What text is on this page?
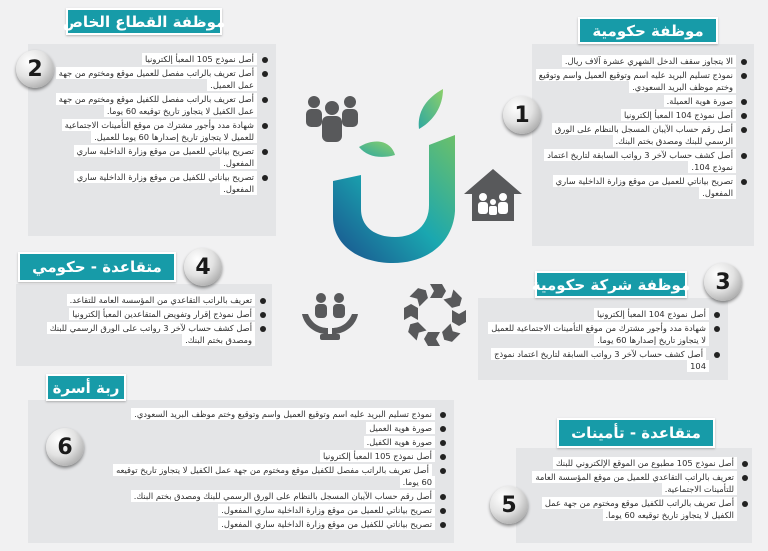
موظفة حكومية
الا يتجاوز سقف الدخل الشهري عشرة آلاف ريال.
نموذج تسليم البريد عليه اسم وتوقيع العميل واسم وتوقيع وختم موظف البريد السعودي.
صورة هوية العميلة.
أصل نموذج 104 المعبأ إلكترونيا
أصل رقم حساب الآيبان المسجل بالنظام على الورق الرسمي للبنك ومصدق بختم البنك.
أصل كشف حساب لآخر 3 رواتب السابقة لتاريخ اعتماد نموذج 104.
تصريح بياناتي للعميل من موقع وزارة الداخلية ساري المفعول.
1
موظفة القطاع الخاص
أصل نموذج 105 المعبأ إلكترونيا
أصل تعريف بالراتب مفصل للعميل موقع ومختوم من جهة عمل العميل.
أصل تعريف بالراتب مفصل للكفيل موقع ومختوم من جهة عمل الكفيل لا يتجاوز تاريخ توقيعه 60 يوما.
شهادة مدد وأجور مشترك من موقع التأمينات الاجتماعية للعميل لا يتجاوز تاريخ إصدارها 60 يوما للعميل.
تصريح بياناتي للعميل من موقع وزارة الداخلية ساري المفعول.
تصريح بياناتي للكفيل من موقع وزارة الداخلية ساري المفعول.
2
موظفة شركة حكومية
أصل نموذج 104 المعبأ إلكترونيا
شهادة مدد وأجور مشترك من موقع التأمينات الاجتماعية للعميل لا يتجاوز تاريخ إصدارها 60 يوما.
أصل كشف حساب لآخر 3 رواتب السابقة لتاريخ اعتماد نموذج 104
3
متقاعدة - حكومي
تعريف بالراتب التقاعدي من المؤسسة العامة للتقاعد.
أصل نموذج إقرار وتفويض المتقاعدين المعبأ إلكترونيا
أصل كشف حساب لآخر 3 رواتب على الورق الرسمي للبنك ومصدق بختم البنك.
4
متقاعدة - تأمينات
أصل نموذج 105 مطبوع من الموقع الإلكتروني للبنك
تعريف بالراتب التقاعدي للعميل من موقع المؤسسة العامة للتأمينات الاجتماعية.
أصل تعريف بالراتب للكفيل موقع ومختوم من جهة عمل الكفيل لا يتجاوز تاريخ توقيعه 60 يوما.
5
ربة أسرة
نموذج تسليم البريد عليه اسم وتوقيع العميل واسم وتوقيع وختم موظف البريد السعودي.
صورة هوية العميل
صورة هوية الكفيل.
أصل نموذج 105 المعبأ إلكترونيا
أصل تعريف بالراتب مفصل للكفيل موقع ومختوم من جهة عمل الكفيل لا يتجاوز تاريخ توقيعه 60 يوما.
أصل رقم حساب الآيبان المسجل بالنظام على الورق الرسمي للبنك ومصدق بختم البنك.
تصريح بياناتي للعميل من موقع وزارة الداخلية ساري المفعول.
تصريح بياناتي للكفيل من موقع وزارة الداخلية ساري المفعول.
6
